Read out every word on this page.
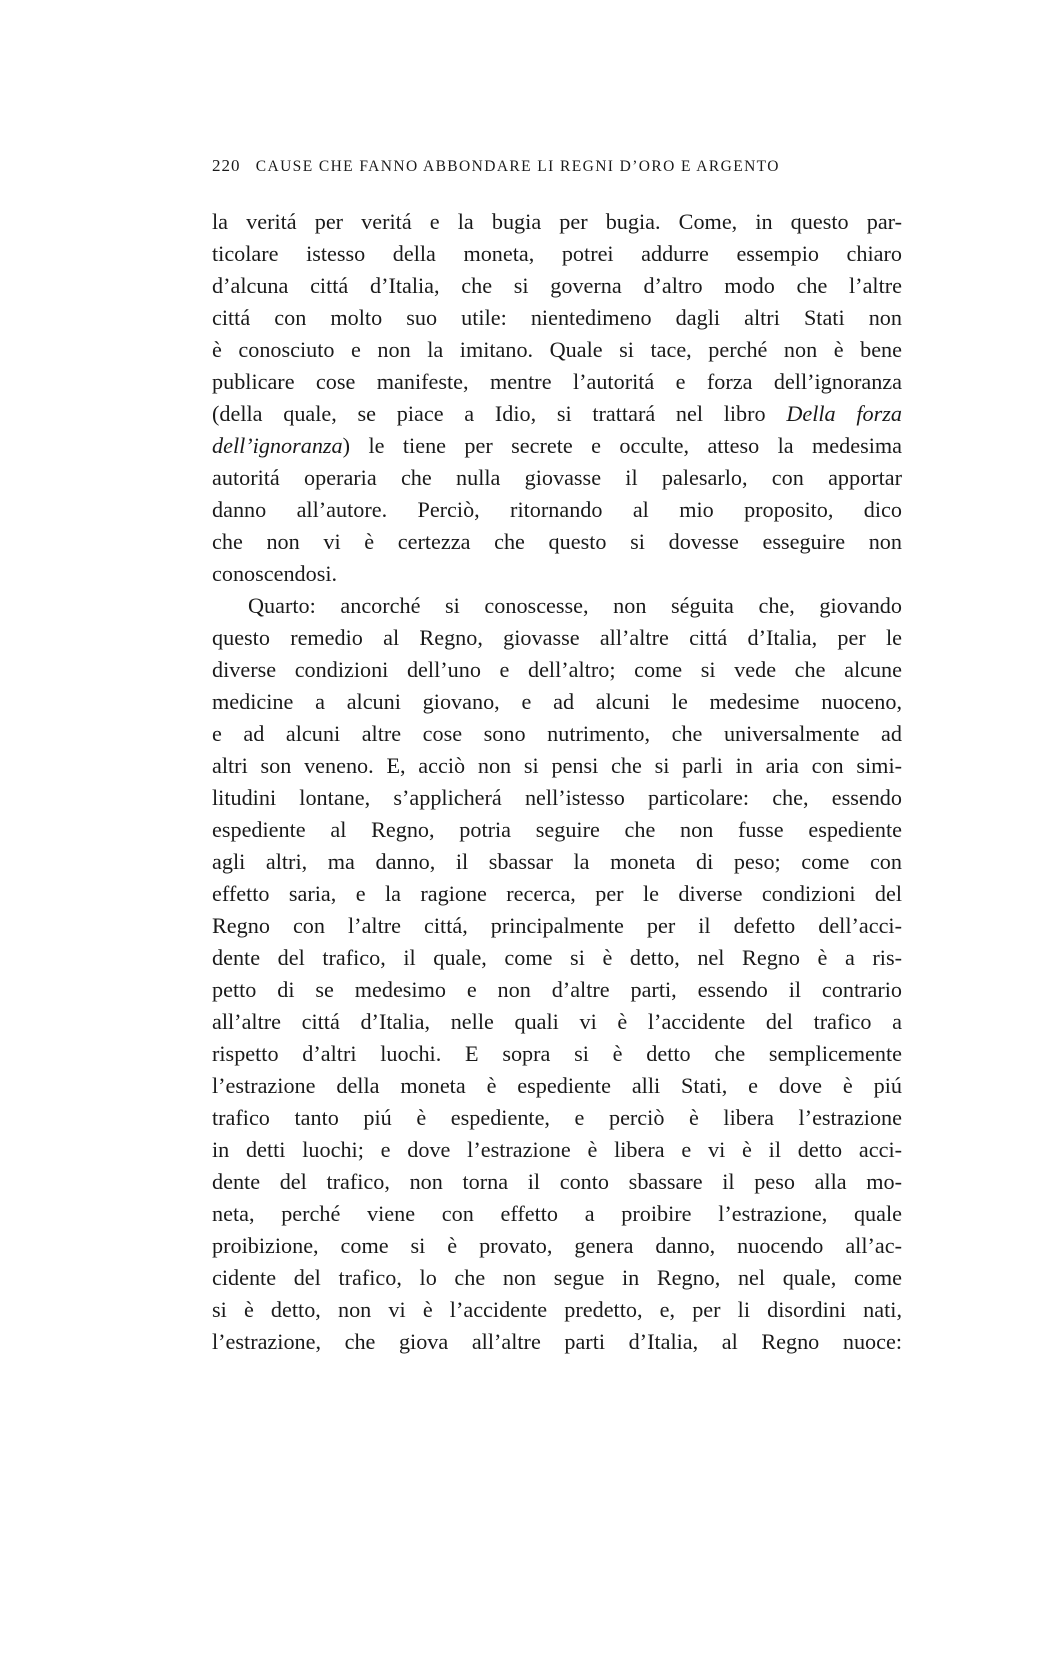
220 CAUSE CHE FANNO ABBONDARE LI REGNI D’ORO E ARGENTO
la veritá per veritá e la bugia per bugia. Come, in questo par-
ticolare istesso della moneta, potrei addurre essempio chiaro
d’alcuna cittá d’Italia, che si governa d’altro modo che l’altre
cittá con molto suo utile: nientedimeno dagli altri Stati non
è conosciuto e non la imitano. Quale si tace, perché non è bene
publicare cose manifeste, mentre l’autoritá e forza dell’ignoranza
(della quale, se piace a Idio, si trattará nel libro Della forza
dell’ignoranza) le tiene per secrete e occulte, atteso la medesima
autoritá operaria che nulla giovasse il palesarlo, con apportar
danno all’autore. Perciò, ritornando al mio proposito, dico
che non vi è certezza che questo si dovesse esseguire non
conoscendosi.
Quarto: ancorché si conoscesse, non séguita che, giovando
questo remedio al Regno, giovasse all’altre cittá d’Italia, per le
diverse condizioni dell’uno e dell’altro; come si vede che alcune
medicine a alcuni giovano, e ad alcuni le medesime nuoceno,
e ad alcuni altre cose sono nutrimento, che universalmente ad
altri son veneno. E, acciò non si pensi che si parli in aria con simi-
litudini lontane, s’applicherá nell’istesso particolare: che, essendo
espediente al Regno, potria seguire che non fusse espediente
agli altri, ma danno, il sbassar la moneta di peso; come con
effetto saria, e la ragione recerca, per le diverse condizioni del
Regno con l’altre cittá, principalmente per il defetto dell’acci-
dente del trafico, il quale, come si è detto, nel Regno è a ris-
petto di se medesimo e non d’altre parti, essendo il contrario
all’altre cittá d’Italia, nelle quali vi è l’accidente del trafico a
rispetto d’altri luochi. E sopra si è detto che semplicemente
l’estrazione della moneta è espediente alli Stati, e dove è piú
trafico tanto piú è espediente, e perciò è libera l’estrazione
in detti luochi; e dove l’estrazione è libera e vi è il detto acci-
dente del trafico, non torna il conto sbassare il peso alla mo-
neta, perché viene con effetto a proibire l’estrazione, quale
proibizione, come si è provato, genera danno, nuocendo all’ac-
cidente del trafico, lo che non segue in Regno, nel quale, come
si è detto, non vi è l’accidente predetto, e, per li disordini nati,
l’estrazione, che giova all’altre parti d’Italia, al Regno nuoce:
